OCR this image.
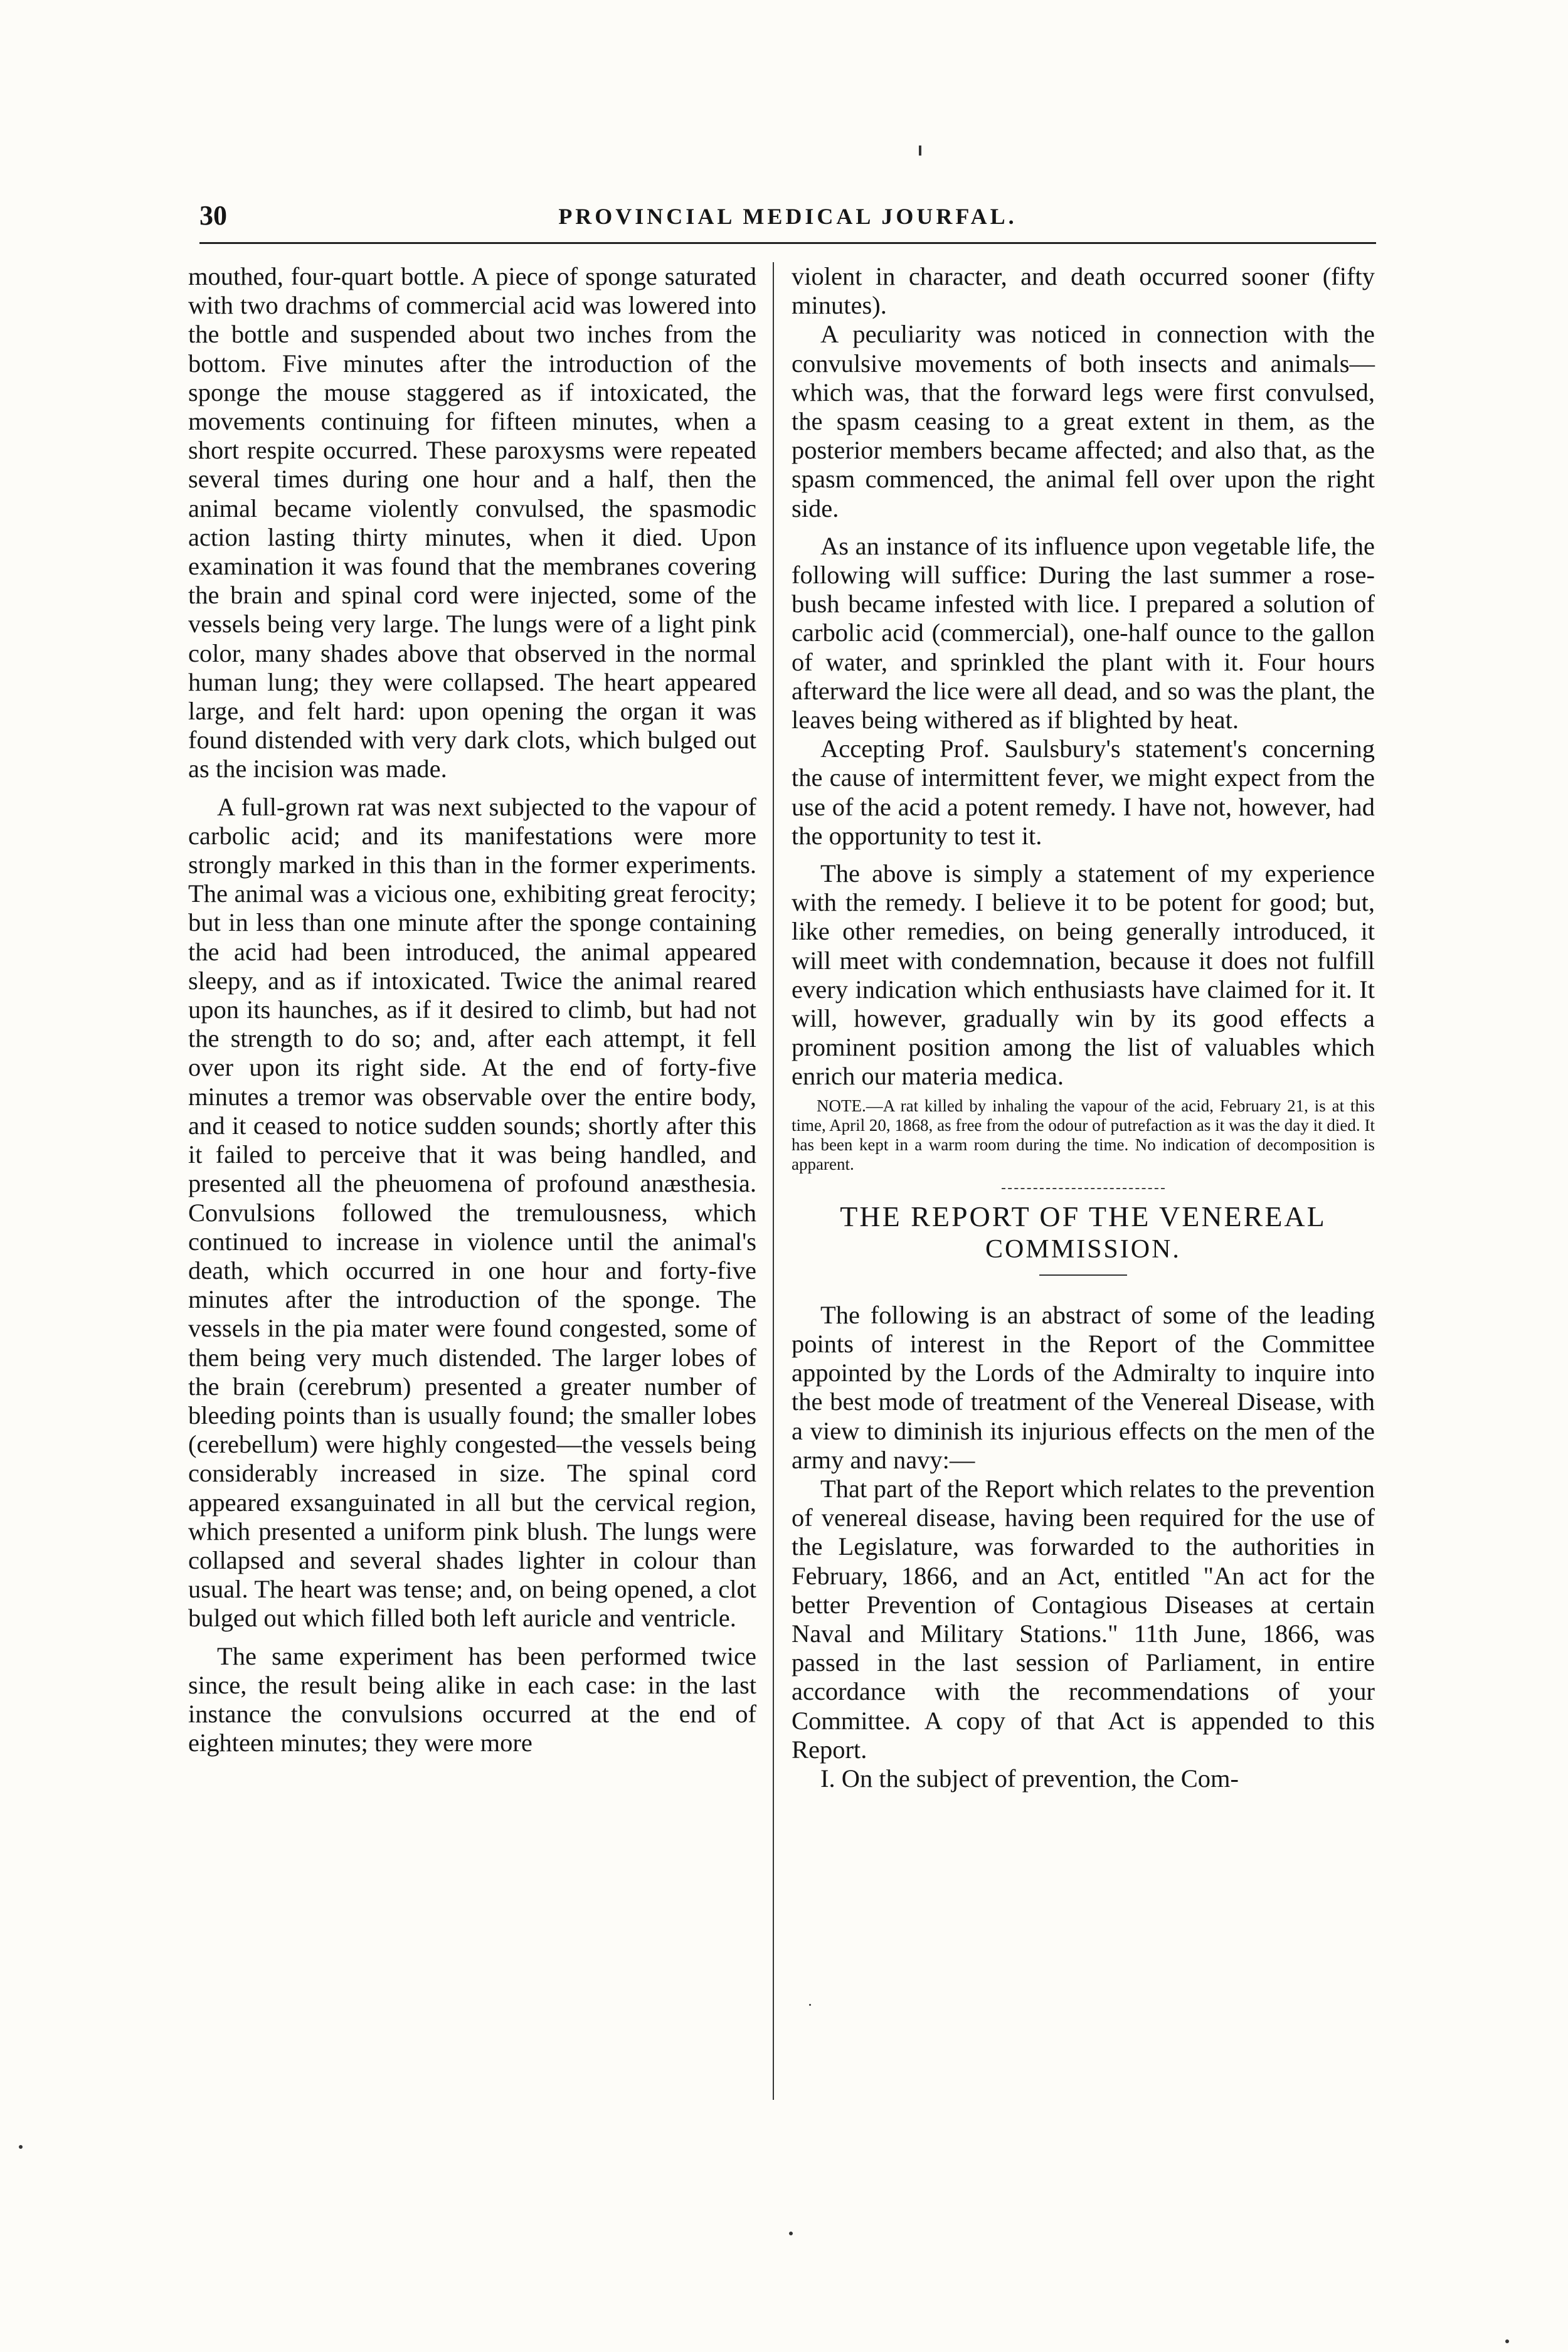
30	PROVINCIAL MEDICAL JOURFAL.

mouthed, four-quart bottle. A piece of sponge saturated with two drachms of commercial acid was lowered into the bottle and suspended about two inches from the bottom. Five minutes after the introduction of the sponge the mouse staggered as if intoxicated, the movements continuing for fifteen minutes, when a short respite occurred. These paroxysms were repeated several times during one hour and a half, then the animal became violently convulsed, the spasmodic action lasting thirty minutes, when it died. Upon examination it was found that the membranes covering the brain and spinal cord were injected, some of the vessels being very large. The lungs were of a light pink color, many shades above that observed in the normal human lung; they were collapsed. The heart appeared large, and felt hard: upon opening the organ it was found distended with very dark clots, which bulged out as the incision was made.

A full-grown rat was next subjected to the vapour of carbolic acid; and its manifestations were more strongly marked in this than in the former experiments. The animal was a vicious one, exhibiting great ferocity; but in less than one minute after the sponge containing the acid had been introduced, the animal appeared sleepy, and as if intoxicated. Twice the animal reared upon its haunches, as if it desired to climb, but had not the strength to do so; and, after each attempt, it fell over upon its right side. At the end of forty-five minutes a tremor was observable over the entire body, and it ceased to notice sudden sounds; shortly after this it failed to perceive that it was being handled, and presented all the pheuomena of profound anæsthesia. Convulsions followed the tremulousness, which continued to increase in violence until the animal's death, which occurred in one hour and forty-five minutes after the introduction of the sponge. The vessels in the pia mater were found congested, some of them being very much distended. The larger lobes of the brain (cerebrum) presented a greater number of bleeding points than is usually found; the smaller lobes (cerebellum) were highly congested—the vessels being considerably increased in size. The spinal cord appeared exsanguinated in all but the cervical region, which presented a uniform pink blush. The lungs were collapsed and several shades lighter in colour than usual. The heart was tense; and, on being opened, a clot bulged out which filled both left auricle and ventricle.

The same experiment has been performed twice since, the result being alike in each case: in the last instance the convulsions occurred at the end of eighteen minutes; they were more

violent in character, and death occurred sooner (fifty minutes).

A peculiarity was noticed in connection with the convulsive movements of both insects and animals—which was, that the forward legs were first convulsed, the spasm ceasing to a great extent in them, as the posterior members became affected; and also that, as the spasm commenced, the animal fell over upon the right side.

As an instance of its influence upon vegetable life, the following will suffice: During the last summer a rose-bush became infested with lice. I prepared a solution of carbolic acid (commercial), one-half ounce to the gallon of water, and sprinkled the plant with it. Four hours afterward the lice were all dead, and so was the plant, the leaves being withered as if blighted by heat.

Accepting Prof. Saulsbury's statement's concerning the cause of intermittent fever, we might expect from the use of the acid a potent remedy. I have not, however, had the opportunity to test it.

The above is simply a statement of my experience with the remedy. I believe it to be potent for good; but, like other remedies, on being generally introduced, it will meet with condemnation, because it does not fulfill every indication which enthusiasts have claimed for it. It will, however, gradually win by its good effects a prominent position among the list of valuables which enrich our materia medica.

NOTE.—A rat killed by inhaling the vapour of the acid, February 21, is at this time, April 20, 1868, as free from the odour of putrefaction as it was the day it died. It has been kept in a warm room during the time. No indication of decomposition is apparent.

THE REPORT OF THE VENEREAL
COMMISSION.

The following is an abstract of some of the leading points of interest in the Report of the Committee appointed by the Lords of the Admiralty to inquire into the best mode of treatment of the Venereal Disease, with a view to diminish its injurious effects on the men of the army and navy:—

That part of the Report which relates to the prevention of venereal disease, having been required for the use of the Legislature, was forwarded to the authorities in February, 1866, and an Act, entitled "An act for the better Prevention of Contagious Diseases at certain Naval and Military Stations." 11th June, 1866, was passed in the last session of Parliament, in entire accordance with the recommendations of your Committee. A copy of that Act is appended to this Report.

I. On the subject of prevention, the Com-
